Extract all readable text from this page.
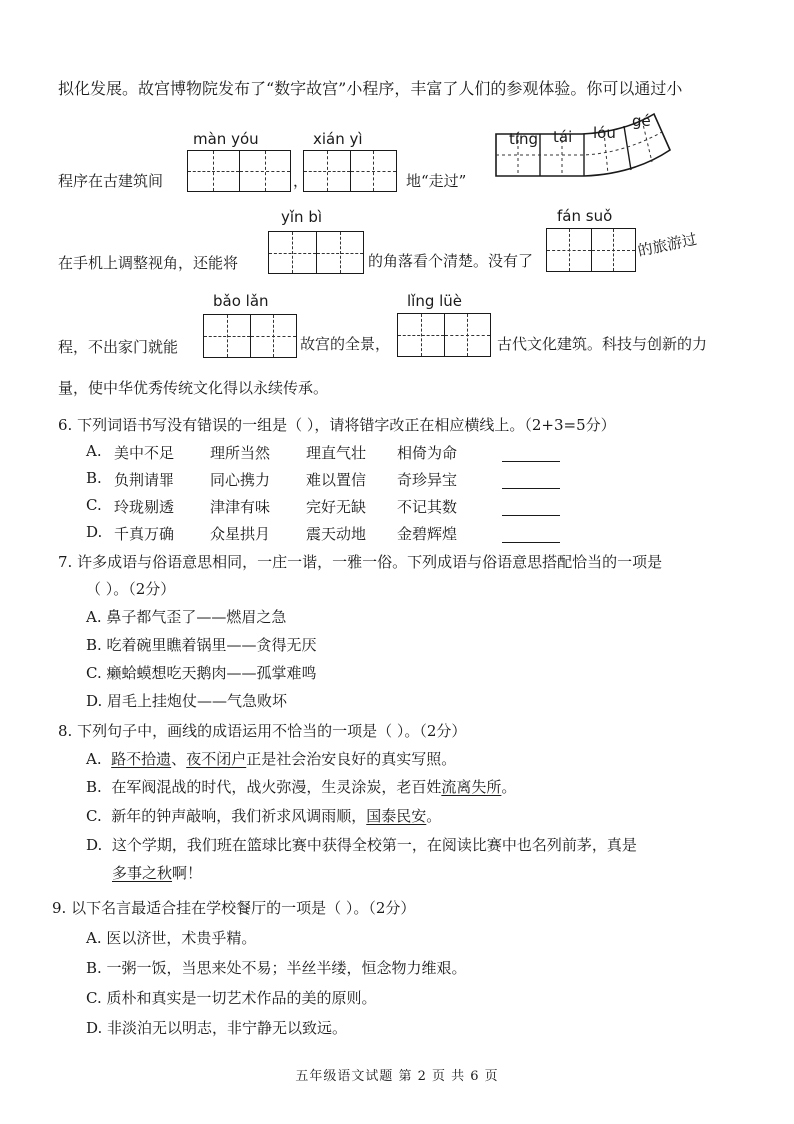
拟化发展。故宫博物院发布了“数字故宫”小程序，丰富了人们的参观体验。你可以通过小
màn yóu	xián yì	tíng tái lóu
gé
程序在古建筑间	，	地“走过”
yǐn bì	fán suǒ
在手机上调整视角，还能将	的角落看个清楚。没有了
的旅游过
bǎo lǎn	lǐng lüè
程，不出家门就能	故宫的全景，	古代文化建筑。科技与创新的力
量，使中华优秀传统文化得以永续传承。
6. 下列词语书写没有错误的一组是（ ），请将错字改正在相应横线上。（2+3=5分）
A. 美中不足 理所当然 理直气壮 相倚为命
B. 负荆请罪 同心携力 难以置信 奇珍异宝
C. 玲珑剔透 津津有味 完好无缺 不记其数
D. 千真万确 众星拱月 震天动地 金碧辉煌
7. 许多成语与俗语意思相同，一庄一谐，一雅一俗。下列成语与俗语意思搭配恰当的一项是
（ ）。（2分）
A. 鼻子都气歪了——燃眉之急
B. 吃着碗里瞧着锅里——贪得无厌
C. 癞蛤蟆想吃天鹅肉——孤掌难鸣
D. 眉毛上挂炮仗——气急败坏
8. 下列句子中，画线的成语运用不恰当的一项是（ ）。（2分）
A. 路不拾遗、夜不闭户正是社会治安良好的真实写照。
B. 在军阀混战的时代，战火弥漫，生灵涂炭，老百姓流离失所。
C. 新年的钟声敲响，我们祈求风调雨顺，国泰民安。
D. 这个学期，我们班在篮球比赛中获得全校第一，在阅读比赛中也名列前茅，真是
多事之秋啊！
9. 以下名言最适合挂在学校餐厅的一项是（ ）。（2分）
A. 医以济世，术贵乎精。
B. 一粥一饭，当思来处不易；半丝半缕，恒念物力维艰。
C. 质朴和真实是一切艺术作品的美的原则。
D. 非淡泊无以明志，非宁静无以致远。
五年级语文试题 第 2 页 共 6 页
